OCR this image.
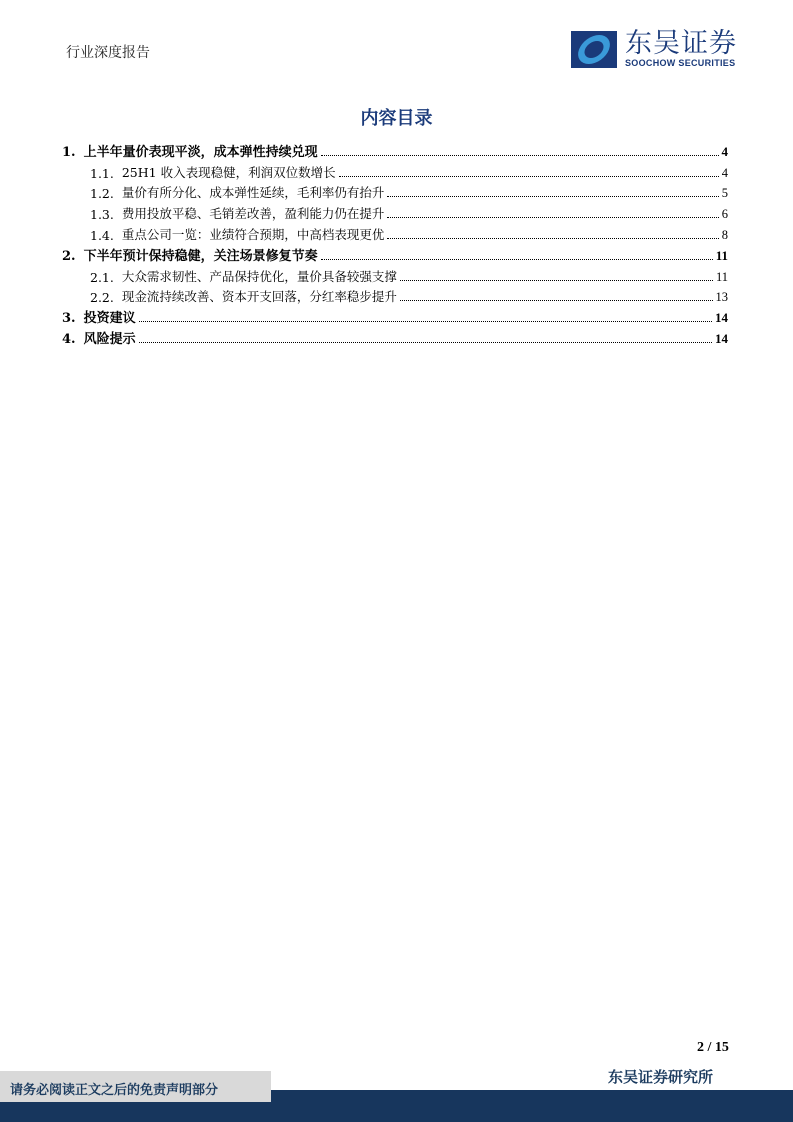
行业深度报告	东吴证券
SOOCHOW SECURITIES
内容目录
1. 上半年量价表现平淡，成本弹性持续兑现	4
1.1. 25H1 收入表现稳健，利润双位数增长	4
1.2. 量价有所分化、成本弹性延续，毛利率仍有抬升	5
1.3. 费用投放平稳、毛销差改善，盈利能力仍在提升	6
1.4. 重点公司一览：业绩符合预期，中高档表现更优	8
2. 下半年预计保持稳健，关注场景修复节奏	11
2.1. 大众需求韧性、产品保持优化，量价具备较强支撑	11
2.2. 现金流持续改善、资本开支回落，分红率稳步提升	13
3. 投资建议	14
4. 风险提示	14
2 / 15
东吴证券研究所
请务必阅读正文之后的免责声明部分
